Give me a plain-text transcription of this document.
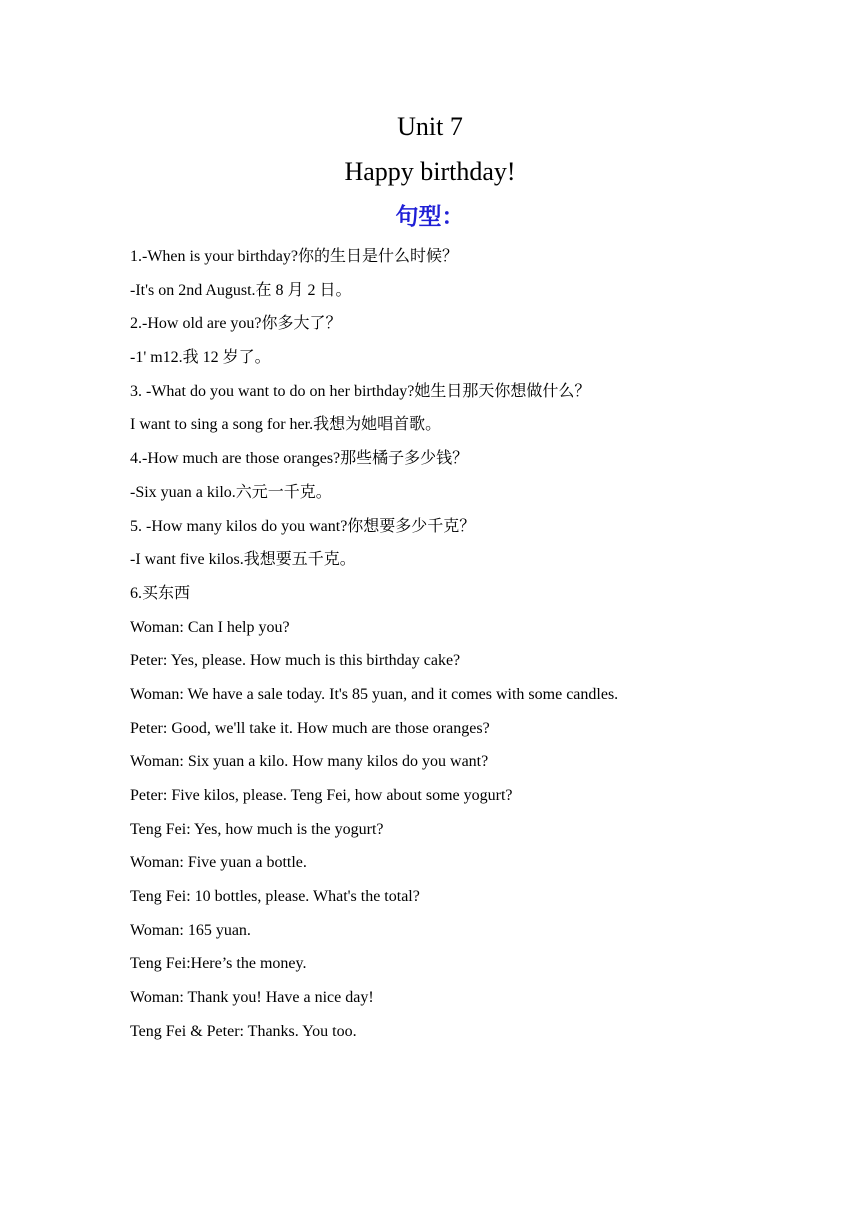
Unit 7
Happy birthday!
句型：
1.-When is your birthday?你的生日是什么时候？
-It's on 2nd August.在 8 月 2 日。
2.-How old are you?你多大了？
-1' m12.我 12 岁了。
3. -What do you want to do on her birthday?她生日那天你想做什么？
I want to sing a song for her.我想为她唱首歌。
4.-How much are those oranges?那些橘子多少钱？
-Six yuan a kilo.六元一千克。
5. -How many kilos do you want?你想要多少千克？
-I want five kilos.我想要五千克。
6.买东西
Woman: Can I help you?
Peter: Yes, please. How much is this birthday cake?
Woman: We have a sale today. It's 85 yuan, and it comes with some candles.
Peter: Good, we'll take it. How much are those oranges?
Woman: Six yuan a kilo. How many kilos do you want?
Peter: Five kilos, please. Teng Fei, how about some yogurt?
Teng Fei: Yes, how much is the yogurt?
Woman: Five yuan a bottle.
Teng Fei: 10 bottles, please. What's the total?
Woman: 165 yuan.
Teng Fei:Here’s the money.
Woman: Thank you! Have a nice day!
Teng Fei & Peter: Thanks. You too.
